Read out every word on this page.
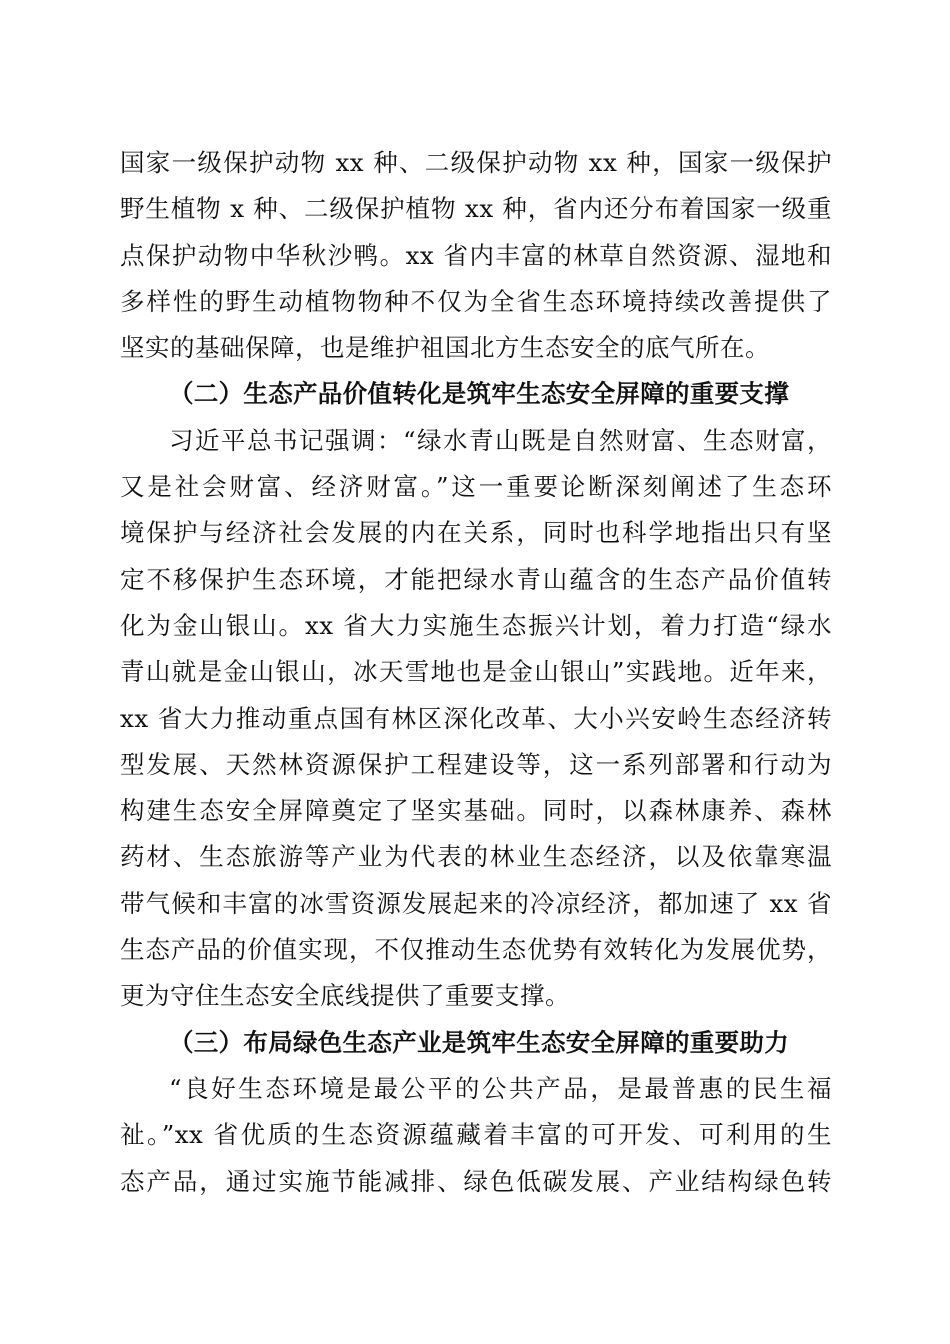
国家一级保护动物 xx 种、二级保护动物 xx 种，国家一级保护
野生植物 x 种、二级保护植物 xx 种，省内还分布着国家一级重
点保护动物中华秋沙鸭。xx 省内丰富的林草自然资源、湿地和
多样性的野生动植物物种不仅为全省生态环境持续改善提供了
坚实的基础保障，也是维护祖国北方生态安全的底气所在。
（二）生态产品价值转化是筑牢生态安全屏障的重要支撑
习近平总书记强调：“绿水青山既是自然财富、生态财富，
又是社会财富、经济财富。”这一重要论断深刻阐述了生态环
境保护与经济社会发展的内在关系，同时也科学地指出只有坚
定不移保护生态环境，才能把绿水青山蕴含的生态产品价值转
化为金山银山。xx 省大力实施生态振兴计划，着力打造“绿水
青山就是金山银山，冰天雪地也是金山银山”实践地。近年来，
xx 省大力推动重点国有林区深化改革、大小兴安岭生态经济转
型发展、天然林资源保护工程建设等，这一系列部署和行动为
构建生态安全屏障奠定了坚实基础。同时，以森林康养、森林
药材、生态旅游等产业为代表的林业生态经济，以及依靠寒温
带气候和丰富的冰雪资源发展起来的冷凉经济，都加速了 xx 省
生态产品的价值实现，不仅推动生态优势有效转化为发展优势，
更为守住生态安全底线提供了重要支撑。
（三）布局绿色生态产业是筑牢生态安全屏障的重要助力
“良好生态环境是最公平的公共产品，是最普惠的民生福
祉。”xx 省优质的生态资源蕴藏着丰富的可开发、可利用的生
态产品，通过实施节能减排、绿色低碳发展、产业结构绿色转
